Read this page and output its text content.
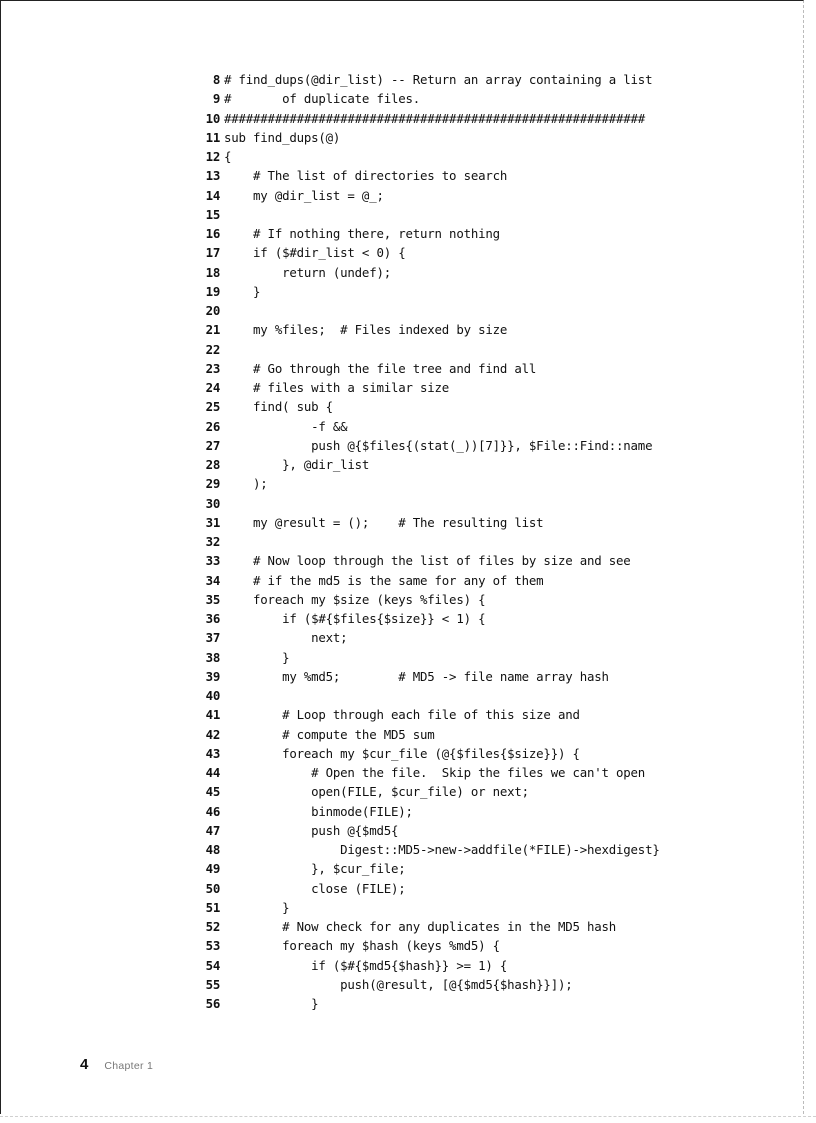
8 # find_dups(@dir_list) -- Return an array containing a list
9 #       of duplicate files.
10 ##########################################################
11 sub find_dups(@)
12 {
13 # The list of directories to search
14 my @dir_list = @_;
15
16 # If nothing there, return nothing
17 if ($#dir_list < 0) {
18 return (undef);
19 }
20
21 my %files;  # Files indexed by size
22
23 # Go through the file tree and find all
24 # files with a similar size
25 find( sub {
26 -f &&
27 push @{$files{(stat(_))[7]}}, $File::Find::name
28 }, @dir_list
29 );
30
31 my @result = ();    # The resulting list
32
33 # Now loop through the list of files by size and see
34 # if the md5 is the same for any of them
35 foreach my $size (keys %files) {
36 if ($#{$files{$size}} < 1) {
37 next;
38 }
39 my %md5;        # MD5 -> file name array hash
40
41 # Loop through each file of this size and
42 # compute the MD5 sum
43 foreach my $cur_file (@{$files{$size}}) {
44 # Open the file.  Skip the files we can't open
45 open(FILE, $cur_file) or next;
46 binmode(FILE);
47 push @{$md5{
48 Digest::MD5->new->addfile(*FILE)->hexdigest}
49 }, $cur_file;
50 close (FILE);
51 }
52 # Now check for any duplicates in the MD5 hash
53 foreach my $hash (keys %md5) {
54 if ($#{$md5{$hash}} >= 1) {
55 push(@result, [@{$md5{$hash}}]);
56 }
4 Chapter 1
